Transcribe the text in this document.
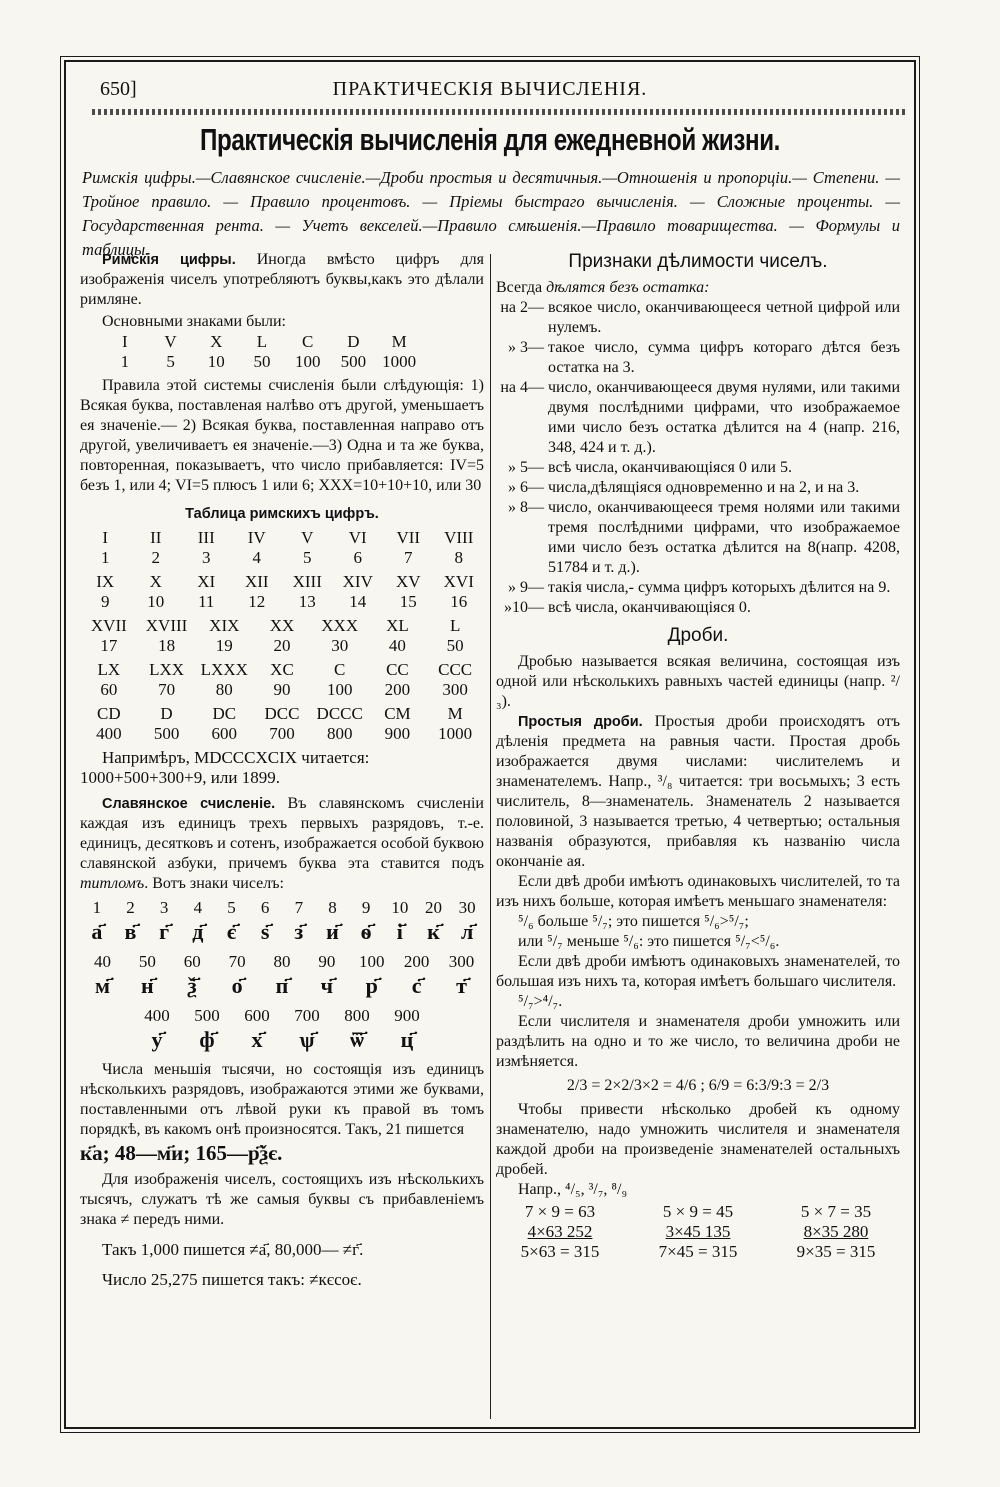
650]	ПРАКТИЧЕСКІЯ ВЫЧИСЛЕНІЯ.
Практическія вычисленія для ежедневной жизни.
Римскія цифры.—Славянское счисленіе.—Дроби простыя и десятичныя.—Отношенія и пропорціи.— Степени. — Тройное правило. — Правило процентовъ. — Пріемы быстраго вычисленія. — Сложные проценты. — Государственная рента. — Учетъ векселей.—Правило смѣшенія.—Правило товарищества. — Формулы и таблицы.

Римскія цифры. Иногда вмѣсто цифръ для изображенія чиселъ употребляютъ буквы,какъ это дѣлали римляне.

Основными знаками были:

I	V	X	L	C	D	M
1	5	10	50	100	500 1000

Правила этой системы счисленія были слѣдующія: 1) Всякая буква, поставленая налѣво отъ другой, уменьшаетъ ея значеніе.— 2) Всякая буква, поставленная направо отъ другой, увеличиваетъ ея значеніе.—3) Одна и та же буква, повторенная, показываетъ, что число прибавляется: IV=5 безъ 1, или 4; VI=5 плюсъ 1 или 6; XXX=10+10+10, или 30

Таблица римскихъ цифръ.
I	II	III	IV	V	VI	VII	VIII
1	2	3	4	5	6	7	8
IX	X	XI	XII	XIII	XIV	XV	XVI
9	10	11	12	13	14	15	16
XVII	XVIII	XIX	XX	XXX	XL	L
17	18	19	20	30	40	50
LX	LXX LXXX	XC	C	CC	CCC
60	70	80	90	100	200	300
CD	D	DC	DCC	DCCC	CM	M
400	500	600	700	800	900	1000

Напримѣръ, MDCCCXCIX читается:

1000+500+300+9, или 1899.

Славянское счисленіе. Въ славянскомъ счисленіи каждая изъ единицъ трехъ первыхъ разрядовъ, т.-е. единицъ, десятковъ и сотенъ, изображается особой буквою славянской азбуки, причемъ буква эта ставится подъ титломъ. Вотъ знаки чиселъ:

1	2	3	4	5	6	7	8	9	10 20 30
а҃	в҃	г҃	д҃	є҃	ѕ҃	з҃	и҃ ѳ҃	і҃	к҃ л҃
40	50	60	70	80	90	100	200	300
м҃	н҃	ѯ҃	о҃	п҃	ч҃	р҃	с҃	т҃
400	500	600	700	800	900
у҃	ф҃	х҃	ѱ҃	ѿ҃	ц҃

Числа меньшія тысячи, но состоящія изъ единицъ нѣсколькихъ разрядовъ, изображаются этими же буквами, поставленными отъ лѣвой руки къ правой въ томъ порядкѣ, въ какомъ онѣ произносятся. Такъ, 21 пишется

к҃а; 48—м҃и; 165—р҃ѯє.

Для изображенія чиселъ, состоящихъ изъ нѣсколькихъ тысячъ, служатъ тѣ же самыя буквы съ прибавленіемъ знака ≠ передъ ними.

Такъ 1,000 пишется ≠а҃, 80,000— ≠г҃.

Число 25,275 пишется такъ: ≠кєсоє.

Признаки дѣлимости чиселъ.

Всегда дѣлятся безъ остатка:

на 2— всякое число, оканчивающееся четной цифрой или нулемъ.
» 3— такое число, сумма цифръ котораго дѣтся безъ остатка на 3.
на 4— число, оканчивающееся двумя нулями, или такими двумя послѣдними цифрами, что изображаемое ими число безъ остатка дѣлится на 4 (напр. 216, 348, 424 и т. д.).
» 5— всѣ числа, оканчивающіяся 0 или 5.
» 6— числа,дѣлящіяся одновременно и на 2, и на 3.
» 8— число, оканчивающееся тремя нолями или такими тремя послѣдними цифрами, что изображаемое ими число безъ остатка дѣлится на 8(напр. 4208, 51784 и т. д.).
» 9— такія числа,- сумма цифръ которыхъ дѣлится на 9.
»10— всѣ числа, оканчивающіяся 0.
Дроби.

Дробью называется всякая величина, состоящая изъ одной или нѣсколькихъ равныхъ частей единицы (напр. ²/₃).

Простыя дроби. Простыя дроби происходятъ отъ дѣленія предмета на равныя части. Простая дробь изображается двумя числами: числителемъ и знаменателемъ. Напр., ³/₈ читается: три восьмыхъ; 3 есть числитель, 8—знаменатель. Знаменатель 2 называется половиной, 3 называется третью, 4 четвертью; остальныя названія образуются, прибавляя къ названію числа окончаніе ая.

Если двѣ дроби имѣютъ одинаковыхъ числителей, то та изъ нихъ больше, которая имѣетъ меньшаго знаменателя:

⁵/₆ больше ⁵/₇; это пишется ⁵/₆>⁵/₇;

или ⁵/₇ меньше ⁵/₆: это пишется ⁵/₇<⁵/₆.

Если двѣ дроби имѣютъ одинаковыхъ знаменателей, то большая изъ нихъ та, которая имѣетъ большаго числителя.

⁵/₇>⁴/₇.

Если числителя и знаменателя дроби умножить или раздѣлить на одно и то же число, то величина дроби не измѣняется.

2/3 = 2×2/3×2 = 4/6 ; 6/9 = 6:3/9:3 = 2/3

Чтобы привести нѣсколько дробей къ одному знаменателю, надо умножить числителя и знаменателя каждой дроби на произведеніе знаменателей остальныхъ дробей.

Напр., ⁴/₅, ³/₇, ⁸/₉

7 × 9 = 63	5 × 9 = 45	5 × 7 = 35
4×63 252	3×45 135	8×35 280
5×63 = 315	7×45 = 315	9×35 = 315
